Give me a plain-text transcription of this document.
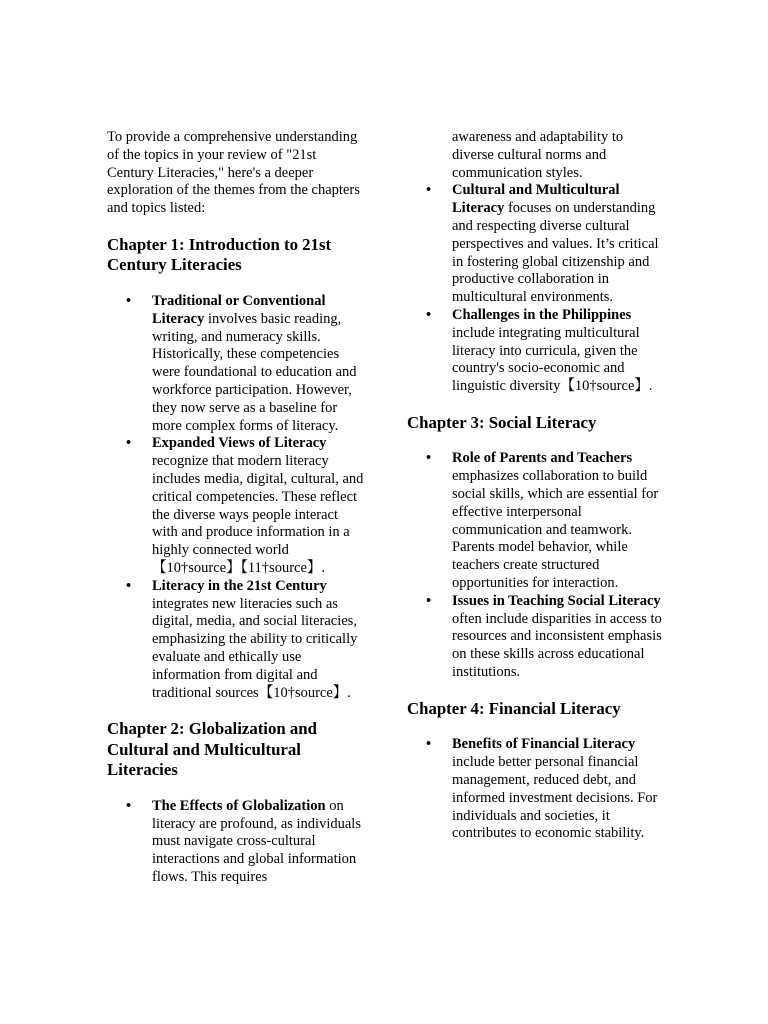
To provide a comprehensive understanding of the topics in your review of "21st Century Literacies," here's a deeper exploration of the themes from the chapters and topics listed:

Chapter 1: Introduction to 21st Century Literacies
• Traditional or Conventional Literacy involves basic reading, writing, and numeracy skills. Historically, these competencies were foundational to education and workforce participation. However, they now serve as a baseline for more complex forms of literacy.
• Expanded Views of Literacy recognize that modern literacy includes media, digital, cultural, and critical competencies. These reflect the diverse ways people interact with and produce information in a highly connected world【10†source】【11†source】.
• Literacy in the 21st Century integrates new literacies such as digital, media, and social literacies, emphasizing the ability to critically evaluate and ethically use information from digital and traditional sources【10†source】.
Chapter 2: Globalization and Cultural and Multicultural Literacies
• The Effects of Globalization on literacy are profound, as individuals must navigate cross-cultural interactions and global information flows. This requires
awareness and adaptability to diverse cultural norms and communication styles.
• Cultural and Multicultural Literacy focuses on understanding and respecting diverse cultural perspectives and values. It’s critical in fostering global citizenship and productive collaboration in multicultural environments.
• Challenges in the Philippines include integrating multicultural literacy into curricula, given the country's socio-economic and linguistic diversity【10†source】.
Chapter 3: Social Literacy
• Role of Parents and Teachers emphasizes collaboration to build social skills, which are essential for effective interpersonal communication and teamwork. Parents model behavior, while teachers create structured opportunities for interaction.
• Issues in Teaching Social Literacy often include disparities in access to resources and inconsistent emphasis on these skills across educational institutions.
Chapter 4: Financial Literacy
• Benefits of Financial Literacy include better personal financial management, reduced debt, and informed investment decisions. For individuals and societies, it contributes to economic stability.
